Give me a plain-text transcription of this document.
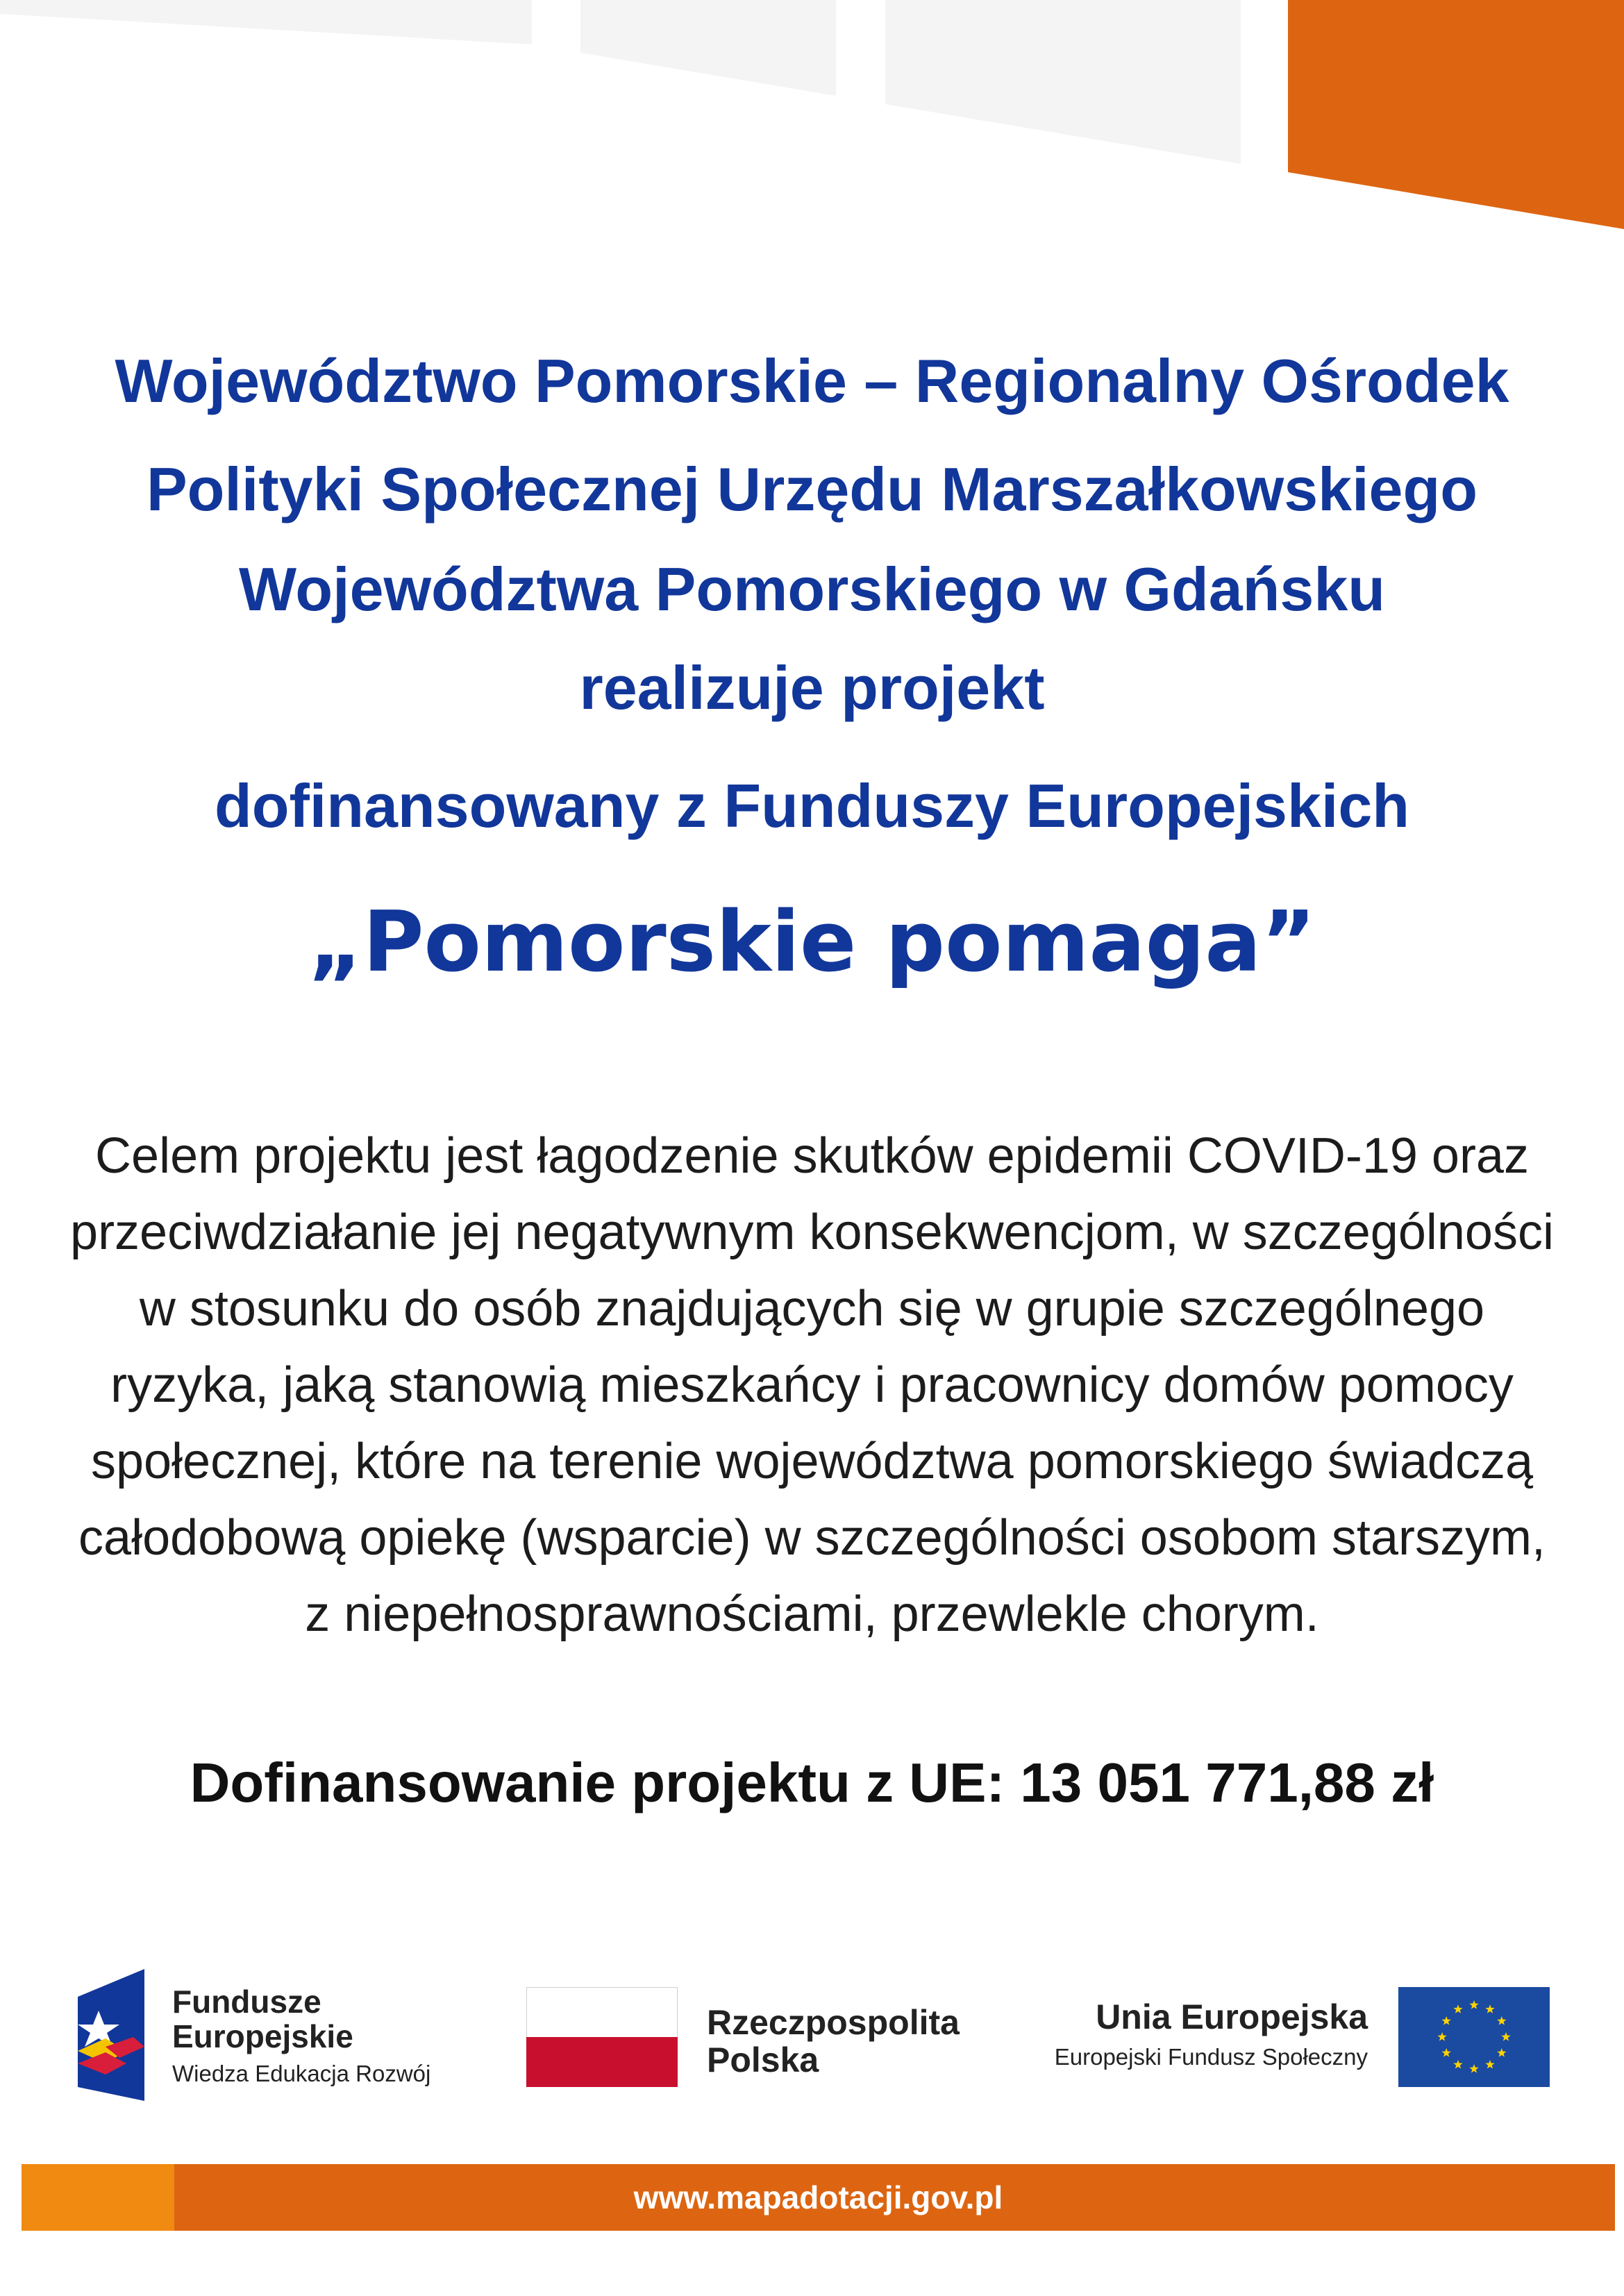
Województwo Pomorskie – Regionalny Ośrodek
Polityki Społecznej Urzędu Marszałkowskiego
Województwa Pomorskiego w Gdańsku
realizuje projekt
dofinansowany z Funduszy Europejskich
„Pomorskie pomaga”
Celem projektu jest łagodzenie skutków epidemii COVID-19 oraz
przeciwdziałanie jej negatywnym konsekwencjom, w szczególności
w stosunku do osób znajdujących się w grupie szczególnego
ryzyka, jaką stanowią mieszkańcy i pracownicy domów pomocy
społecznej, które na terenie województwa pomorskiego świadczą
całodobową opiekę (wsparcie) w szczególności osobom starszym,
z niepełnosprawnościami, przewlekle chorym.
Dofinansowanie projektu z UE: 13 051 771,88 zł
Fundusze
Europejskie
Wiedza Edukacja Rozwój
Rzeczpospolita
Polska
Unia Europejska
Europejski Fundusz Społeczny
www.mapadotacji.gov.pl
